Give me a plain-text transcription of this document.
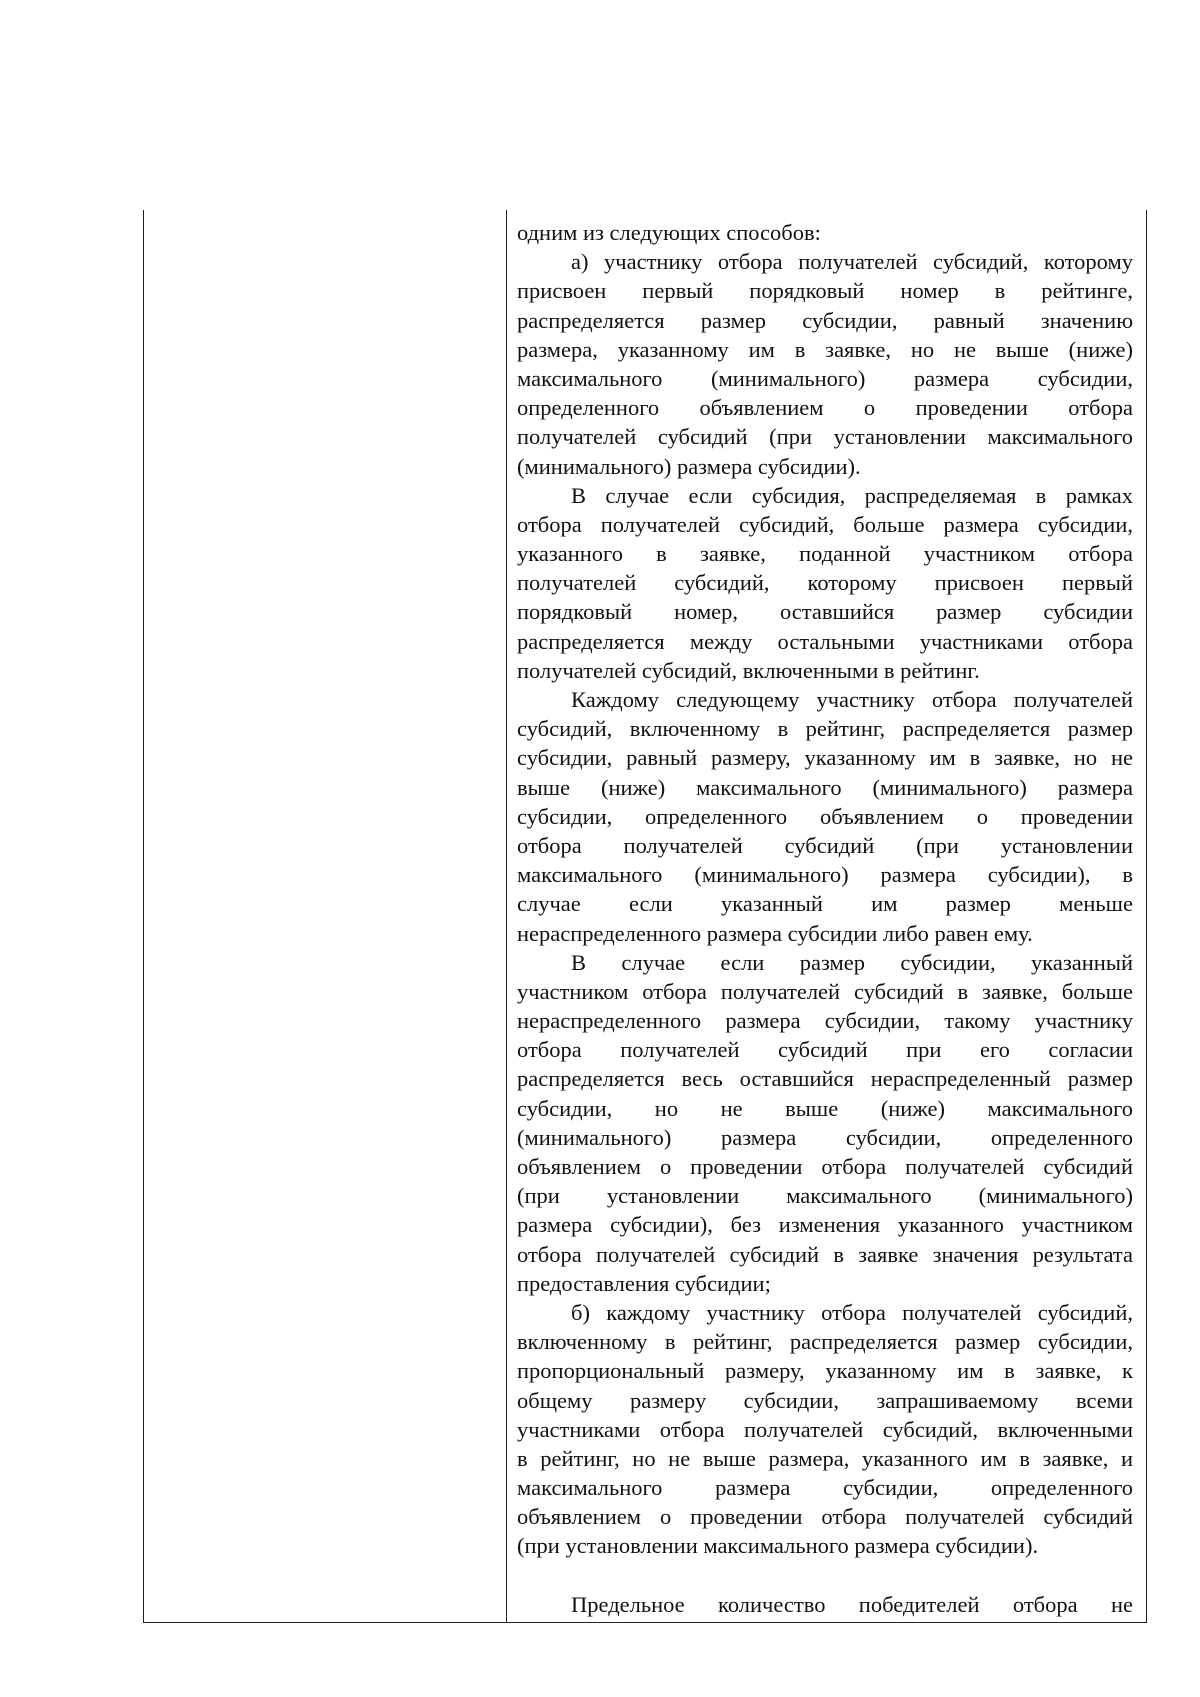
одним из следующих способов:
а) участнику отбора получателей субсидий, которому
присвоен первый порядковый номер в рейтинге,
распределяется размер субсидии, равный значению
размера, указанному им в заявке, но не выше (ниже)
максимального (минимального) размера субсидии,
определенного объявлением о проведении отбора
получателей субсидий (при установлении максимального
(минимального) размера субсидии).
В случае если субсидия, распределяемая в рамках
отбора получателей субсидий, больше размера субсидии,
указанного в заявке, поданной участником отбора
получателей субсидий, которому присвоен первый
порядковый номер, оставшийся размер субсидии
распределяется между остальными участниками отбора
получателей субсидий, включенными в рейтинг.
Каждому следующему участнику отбора получателей
субсидий, включенному в рейтинг, распределяется размер
субсидии, равный размеру, указанному им в заявке, но не
выше (ниже) максимального (минимального) размера
субсидии, определенного объявлением о проведении
отбора получателей субсидий (при установлении
максимального (минимального) размера субсидии), в
случае если указанный им размер меньше
нераспределенного размера субсидии либо равен ему.
В случае если размер субсидии, указанный
участником отбора получателей субсидий в заявке, больше
нераспределенного размера субсидии, такому участнику
отбора получателей субсидий при его согласии
распределяется весь оставшийся нераспределенный размер
субсидии, но не выше (ниже) максимального
(минимального) размера субсидии, определенного
объявлением о проведении отбора получателей субсидий
(при установлении максимального (минимального)
размера субсидии), без изменения указанного участником
отбора получателей субсидий в заявке значения результата
предоставления субсидии;
б) каждому участнику отбора получателей субсидий,
включенному в рейтинг, распределяется размер субсидии,
пропорциональный размеру, указанному им в заявке, к
общему размеру субсидии, запрашиваемому всеми
участниками отбора получателей субсидий, включенными
в рейтинг, но не выше размера, указанного им в заявке, и
максимального размера субсидии, определенного
объявлением о проведении отбора получателей субсидий
(при установлении максимального размера субсидии).
Предельное количество победителей отбора не
